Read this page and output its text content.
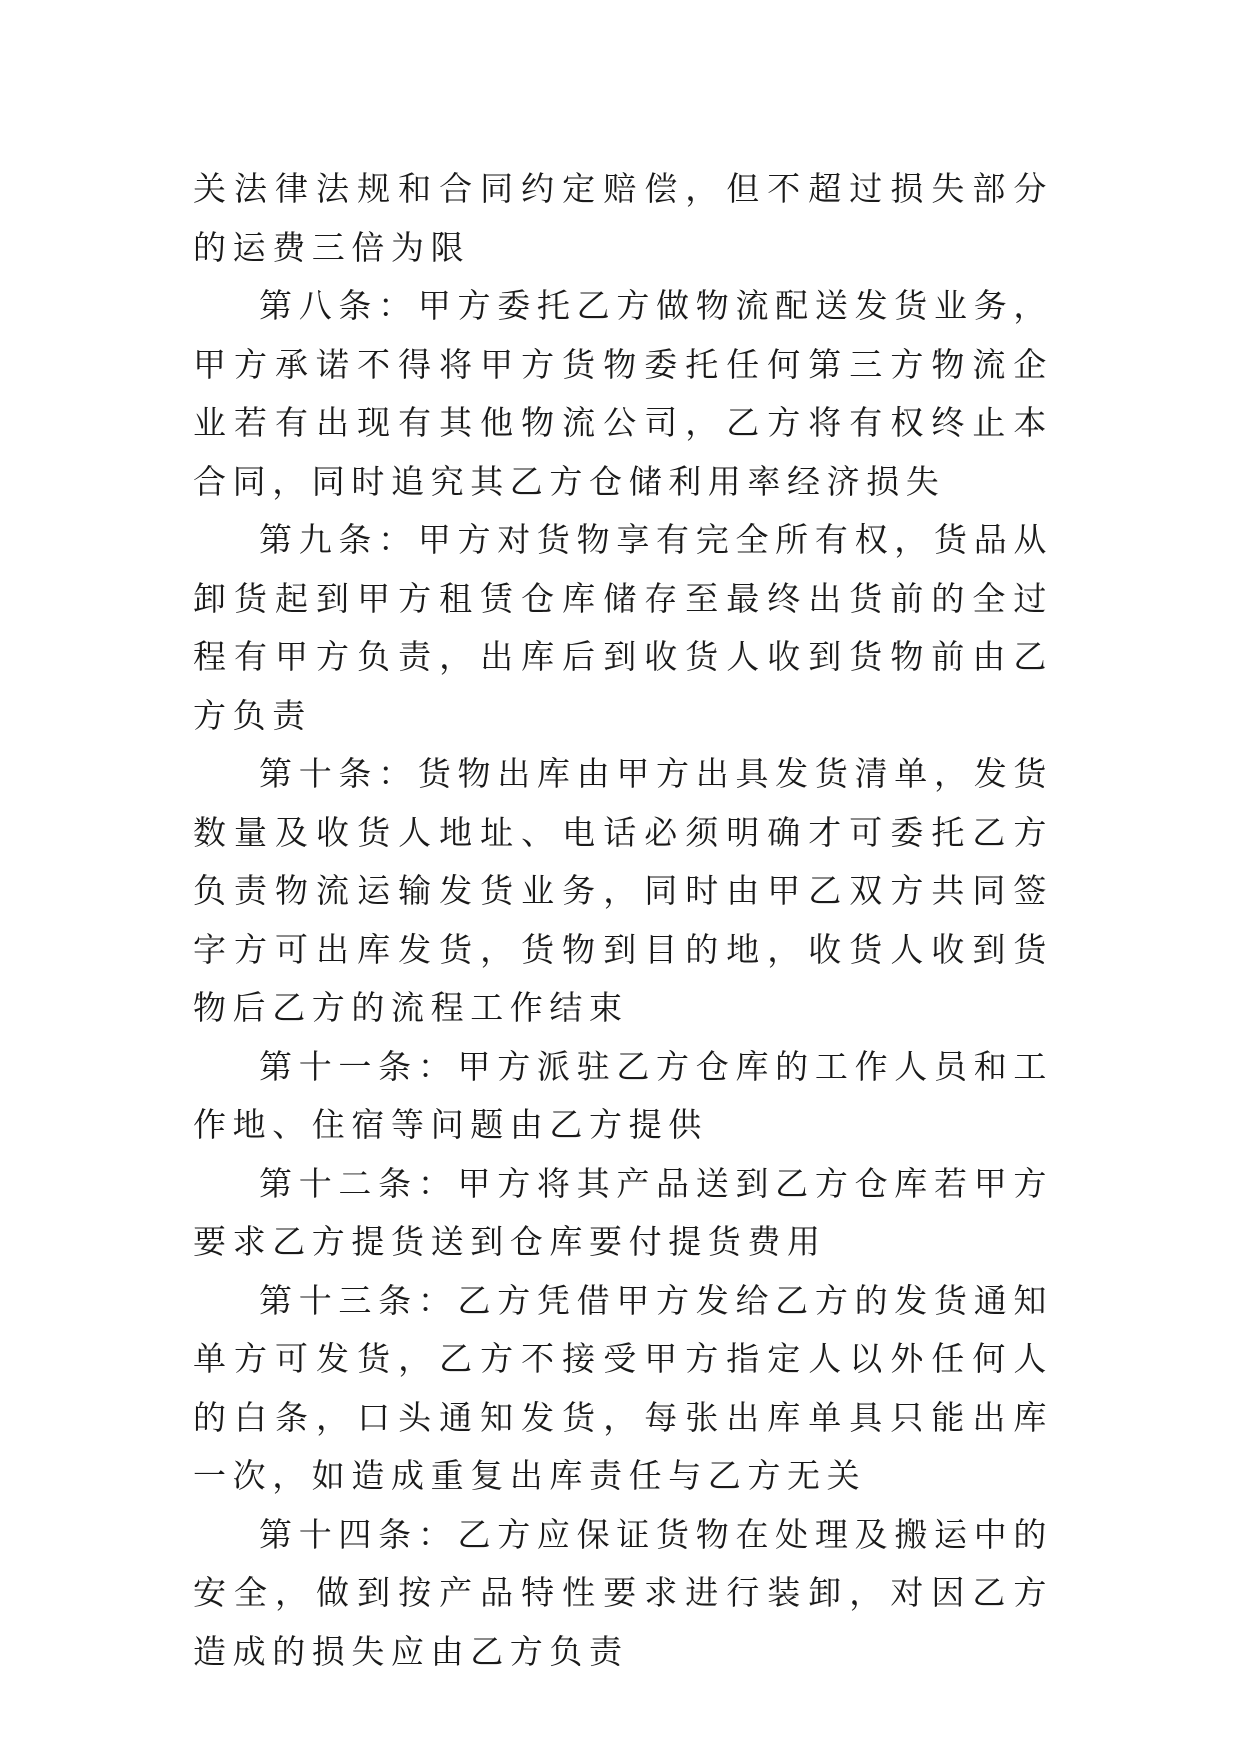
关法律法规和合同约定赔偿，但不超过损失部分的运费三倍为限

第八条：甲方委托乙方做物流配送发货业务，甲方承诺不得将甲方货物委托任何第三方物流企业若有出现有其他物流公司，乙方将有权终止本合同，同时追究其乙方仓储利用率经济损失

第九条：甲方对货物享有完全所有权，货品从卸货起到甲方租赁仓库储存至最终出货前的全过程有甲方负责，出库后到收货人收到货物前由乙方负责

第十条：货物出库由甲方出具发货清单，发货数量及收货人地址、电话必须明确才可委托乙方负责物流运输发货业务，同时由甲乙双方共同签字方可出库发货，货物到目的地，收货人收到货物后乙方的流程工作结束

第十一条：甲方派驻乙方仓库的工作人员和工作地、住宿等问题由乙方提供

第十二条：甲方将其产品送到乙方仓库若甲方要求乙方提货送到仓库要付提货费用

第十三条：乙方凭借甲方发给乙方的发货通知单方可发货，乙方不接受甲方指定人以外任何人的白条，口头通知发货，每张出库单具只能出库一次，如造成重复出库责任与乙方无关

第十四条：乙方应保证货物在处理及搬运中的安全，做到按产品特性要求进行装卸，对因乙方造成的损失应由乙方负责
